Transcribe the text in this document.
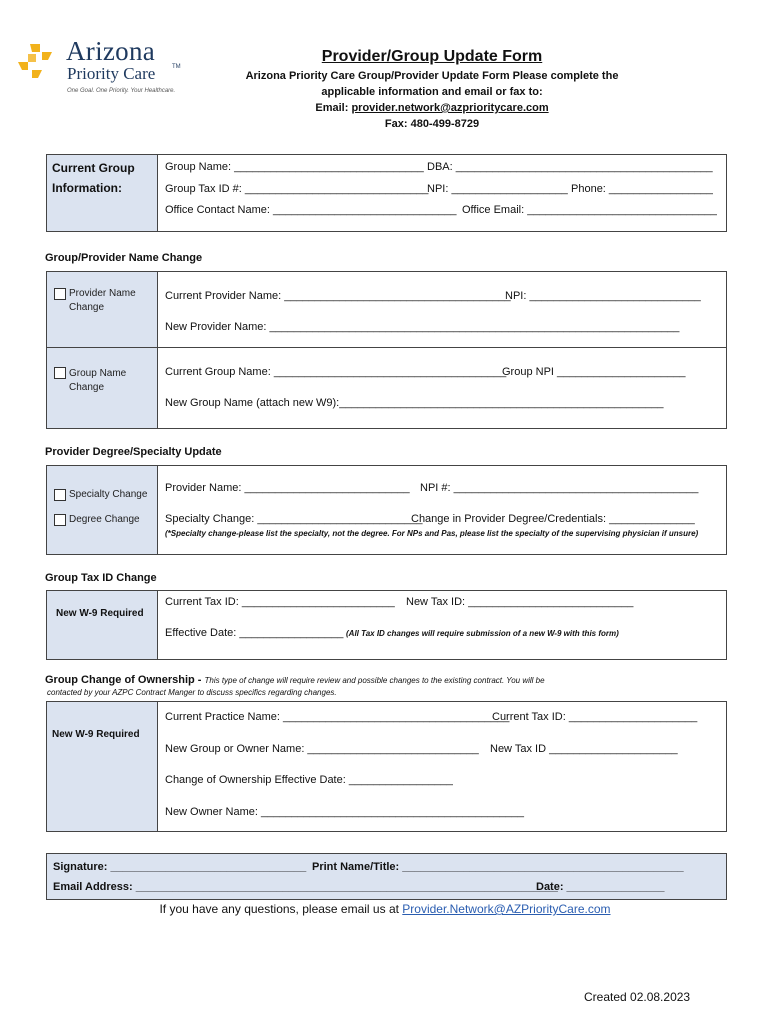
Arizona
Priority Care	TM
One Goal. One Priority. Your Healthcare.
Provider/Group Update Form
Arizona Priority Care Group/Provider Update Form Please complete the
applicable information and email or fax to:
Email: provider.network@azprioritycare.com
Fax: 480-499-8729
Current Group
Information:
Group Name: _______________________________ DBA: __________________________________________
Group Tax ID #: ______________________________
NPI: ___________________ Phone: _________________
Office Contact Name: ______________________________ Office Email: _______________________________
Group/Provider Name Change
Provider Name Change
Group Name Change
Current Provider Name: _____________________________________
NPI: ____________________________
New Provider Name: ___________________________________________________________________
Current Group Name: ______________________________________
Group NPI _____________________
New Group Name (attach new W9):_____________________________________________________
Provider Degree/Specialty Update
Specialty Change
Degree Change
Provider Name: ___________________________ NPI #: ________________________________________
Specialty Change: ___________________________
Change in Provider Degree/Credentials: ______________
(*Specialty change-please list the specialty, not the degree. For NPs and Pas, please list the specialty of the supervising physician if unsure)
Group Tax ID Change
New W-9 Required
Current Tax ID: _________________________ New Tax ID: ___________________________
Effective Date: _________________ (All Tax ID changes will require submission of a new W-9 with this form)
Group Change of Ownership - This type of change will require review and possible changes to the existing contract. You will be
contacted by your AZPC Contract Manger to discuss specifics regarding changes.
New W-9 Required
Current Practice Name: _____________________________________
Current Tax ID: _____________________
New Group or Owner Name: ____________________________ New Tax ID _____________________
Change of Ownership Effective Date: _________________
New Owner Name: ___________________________________________
Signature: ________________________________ Print Name/Title: ______________________________________________
Email Address: _____________________________________________________________________
Date: ________________
If you have any questions, please email us at Provider.Network@AZPriorityCare.com
Created 02.08.2023
